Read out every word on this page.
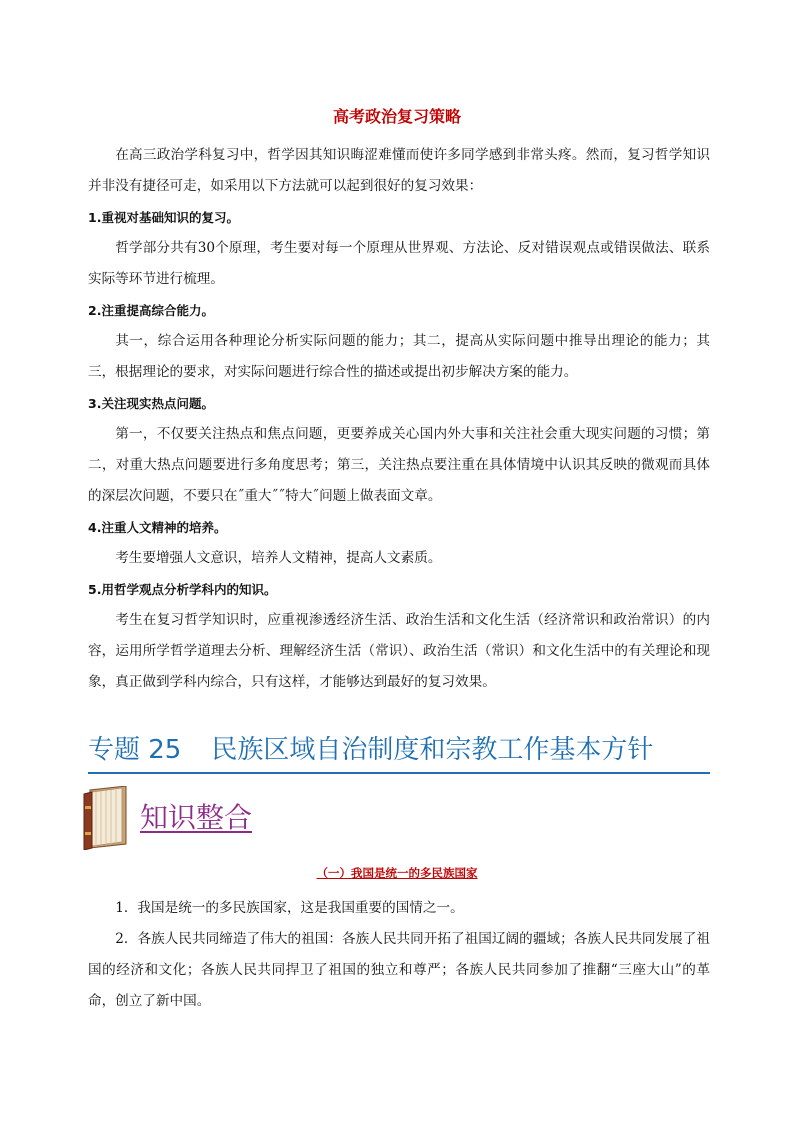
高考政治复习策略

在高三政治学科复习中，哲学因其知识晦涩难懂而使许多同学感到非常头疼。然而，复习哲学知识并非没有捷径可走，如采用以下方法就可以起到很好的复习效果：

1.重视对基础知识的复习。

哲学部分共有30个原理，考生要对每一个原理从世界观、方法论、反对错误观点或错误做法、联系实际等环节进行梳理。

2.注重提高综合能力。

其一，综合运用各种理论分析实际问题的能力；其二，提高从实际问题中推导出理论的能力；其三，根据理论的要求，对实际问题进行综合性的描述或提出初步解决方案的能力。

3.关注现实热点问题。

第一，不仅要关注热点和焦点问题，更要养成关心国内外大事和关注社会重大现实问题的习惯；第二，对重大热点问题要进行多角度思考；第三，关注热点要注重在具体情境中认识其反映的微观而具体的深层次问题，不要只在˝重大˝˝特大˝问题上做表面文章。

4.注重人文精神的培养。

考生要增强人文意识，培养人文精神，提高人文素质。

5.用哲学观点分析学科内的知识。

考生在复习哲学知识时，应重视渗透经济生活、政治生活和文化生活（经济常识和政治常识）的内容，运用所学哲学道理去分析、理解经济生活（常识）、政治生活（常识）和文化生活中的有关理论和现象，真正做到学科内综合，只有这样，才能够达到最好的复习效果。

专题 25 民族区域自治制度和宗教工作基本方针
知识整合
（一）我国是统一的多民族国家

1．我国是统一的多民族国家，这是我国重要的国情之一。

2．各族人民共同缔造了伟大的祖国：各族人民共同开拓了祖国辽阔的疆域；各族人民共同发展了祖国的经济和文化；各族人民共同捍卫了祖国的独立和尊严；各族人民共同参加了推翻“三座大山”的革命，创立了新中国。
